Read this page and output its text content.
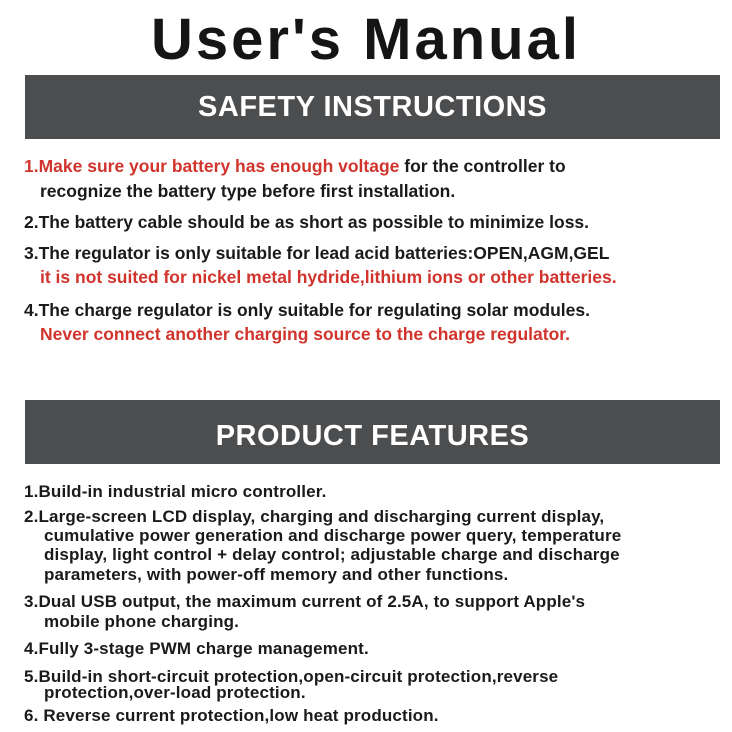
User's Manual
SAFETY INSTRUCTIONS
1.Make sure your battery has enough voltage for the controller to
recognize the battery type before first installation.
2.The battery cable should be as short as possible to minimize loss.
3.The regulator is only suitable for lead acid batteries:OPEN,AGM,GEL
it is not suited for nickel metal hydride,lithium ions or other batteries.
4.The charge regulator is only suitable for regulating solar modules.
Never connect another charging source to the charge regulator.
PRODUCT FEATURES
1.Build-in industrial micro controller.
2.Large-screen LCD display, charging and discharging current display,
cumulative power generation and discharge power query, temperature
display, light control + delay control; adjustable charge and discharge
parameters, with power-off memory and other functions.
3.Dual USB output, the maximum current of 2.5A, to support Apple's
mobile phone charging.
4.Fully 3-stage PWM charge management.
5.Build-in short-circuit protection,open-circuit protection,reverse
protection,over-load protection.
6. Reverse current protection,low heat production.
